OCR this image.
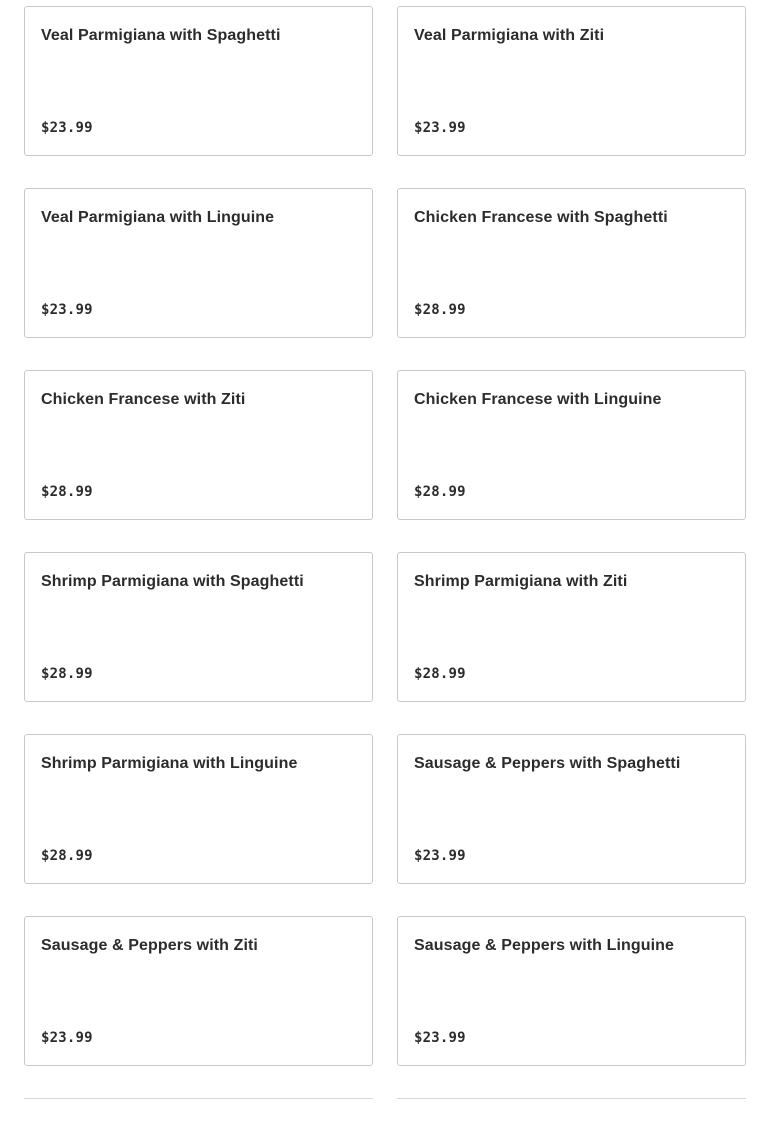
Veal Parmigiana with Spaghetti
$23.99
Veal Parmigiana with Ziti
$23.99
Veal Parmigiana with Linguine
$23.99
Chicken Francese with Spaghetti
$28.99
Chicken Francese with Ziti
$28.99
Chicken Francese with Linguine
$28.99
Shrimp Parmigiana with Spaghetti
$28.99
Shrimp Parmigiana with Ziti
$28.99
Shrimp Parmigiana with Linguine
$28.99
Sausage & Peppers with Spaghetti
$23.99
Sausage & Peppers with Ziti
$23.99
Sausage & Peppers with Linguine
$23.99
